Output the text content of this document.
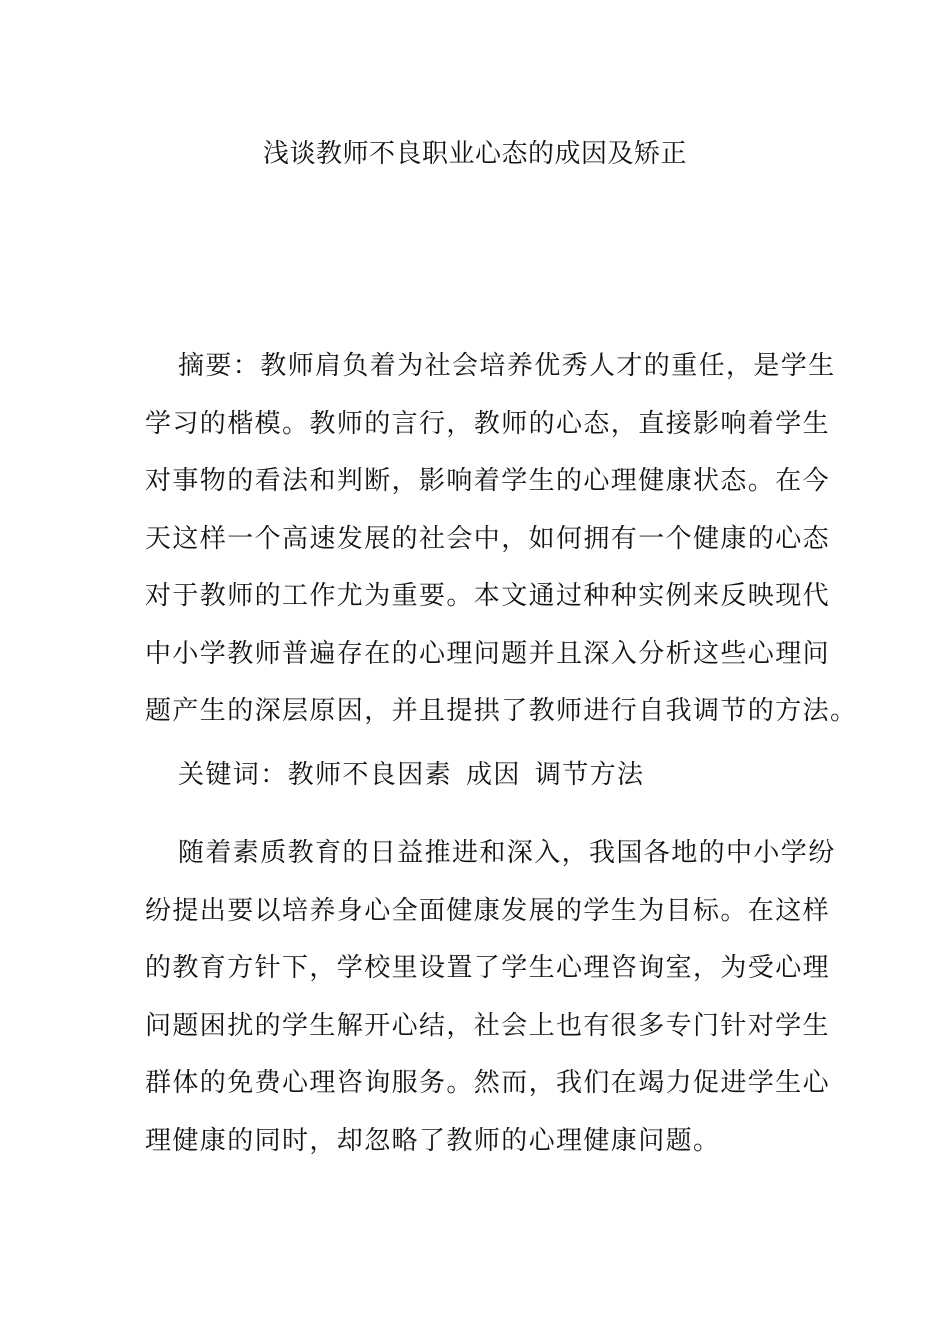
浅谈教师不良职业心态的成因及矫正
摘要：教师肩负着为社会培养优秀人才的重任，是学生
学习的楷模。教师的言行，教师的心态，直接影响着学生
对事物的看法和判断，影响着学生的心理健康状态。在今
天这样一个高速发展的社会中，如何拥有一个健康的心态
对于教师的工作尤为重要。本文通过种种实例来反映现代
中小学教师普遍存在的心理问题并且深入分析这些心理问
题产生的深层原因，并且提拱了教师进行自我调节的方法。
关键词：教师不良因素 成因 调节方法
随着素质教育的日益推进和深入，我国各地的中小学纷
纷提出要以培养身心全面健康发展的学生为目标。在这样
的教育方针下，学校里设置了学生心理咨询室，为受心理
问题困扰的学生解开心结，社会上也有很多专门针对学生
群体的免费心理咨询服务。然而，我们在竭力促进学生心
理健康的同时，却忽略了教师的心理健康问题。
